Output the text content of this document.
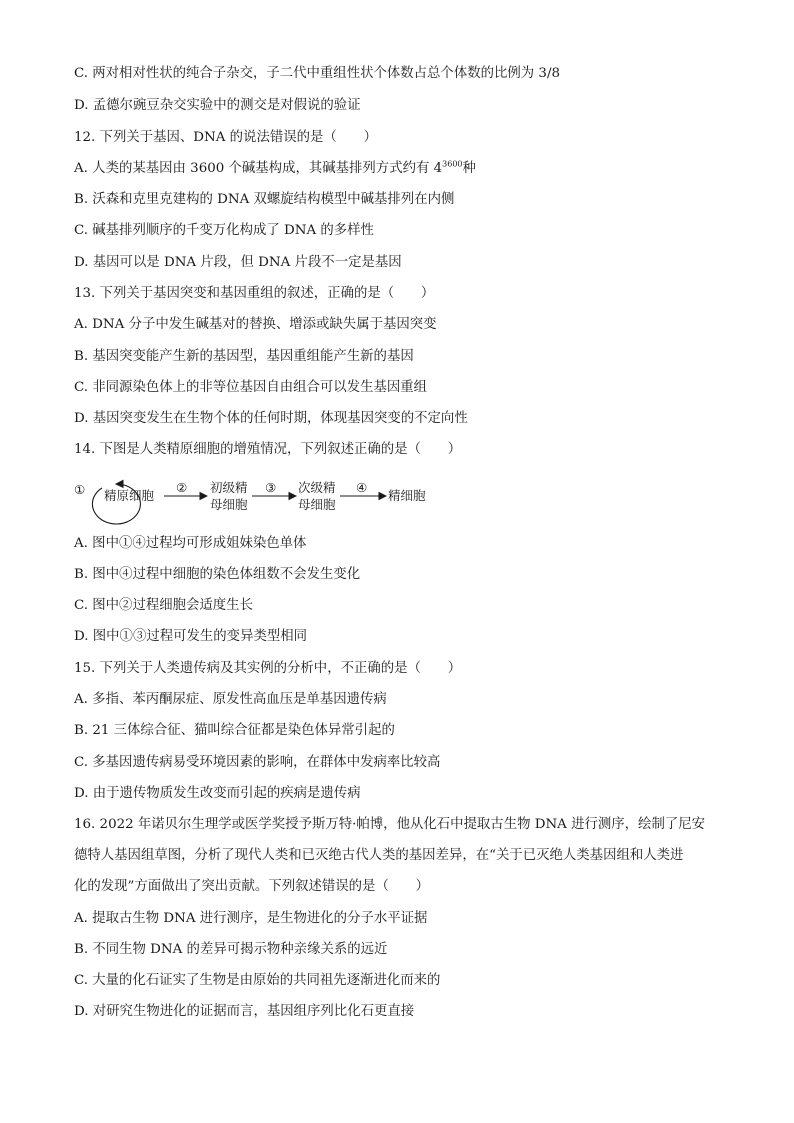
C. 两对相对性状的纯合子杂交，子二代中重组性状个体数占总个体数的比例为 3/8
D. 孟德尔豌豆杂交实验中的测交是对假说的验证
12. 下列关于基因、DNA 的说法错误的是（　　）
A. 人类的某基因由 3600 个碱基构成，其碱基排列方式约有 $4^{3600}$种
B. 沃森和克里克建构的 DNA 双螺旋结构模型中碱基排列在内侧
C. 碱基排列顺序的千变万化构成了 DNA 的多样性
D. 基因可以是 DNA 片段，但 DNA 片段不一定是基因
13. 下列关于基因突变和基因重组的叙述，正确的是（　　）
A. DNA 分子中发生碱基对的替换、增添或缺失属于基因突变
B. 基因突变能产生新的基因型，基因重组能产生新的基因
C. 非同源染色体上的非等位基因自由组合可以发生基因重组
D. 基因突变发生在生物个体的任何时期，体现基因突变的不定向性
14. 下图是人类精原细胞的增殖情况，下列叙述正确的是（　　）
① 精原细胞
② 初级精
母细胞
③ 次级精
母细胞
④
精细胞
A. 图中①④过程均可形成姐妹染色单体
B. 图中④过程中细胞的染色体组数不会发生变化
C. 图中②过程细胞会适度生长
D. 图中①③过程可发生的变异类型相同
15. 下列关于人类遗传病及其实例的分析中，不正确的是（　　）
A. 多指、苯丙酮尿症、原发性高血压是单基因遗传病
B. 21 三体综合征、猫叫综合征都是染色体异常引起的
C. 多基因遗传病易受环境因素的影响，在群体中发病率比较高
D. 由于遗传物质发生改变而引起的疾病是遗传病
16. 2022 年诺贝尔生理学或医学奖授予斯万特·帕博，他从化石中提取古生物 DNA 进行测序，绘制了尼安
德特人基因组草图，分析了现代人类和已灭绝古代人类的基因差异，在“关于已灭绝人类基因组和人类进
化的发现”方面做出了突出贡献。下列叙述错误的是（　　）
A. 提取古生物 DNA 进行测序，是生物进化的分子水平证据
B. 不同生物 DNA 的差异可揭示物种亲缘关系的远近
C. 大量的化石证实了生物是由原始的共同祖先逐渐进化而来的
D. 对研究生物进化的证据而言，基因组序列比化石更直接
